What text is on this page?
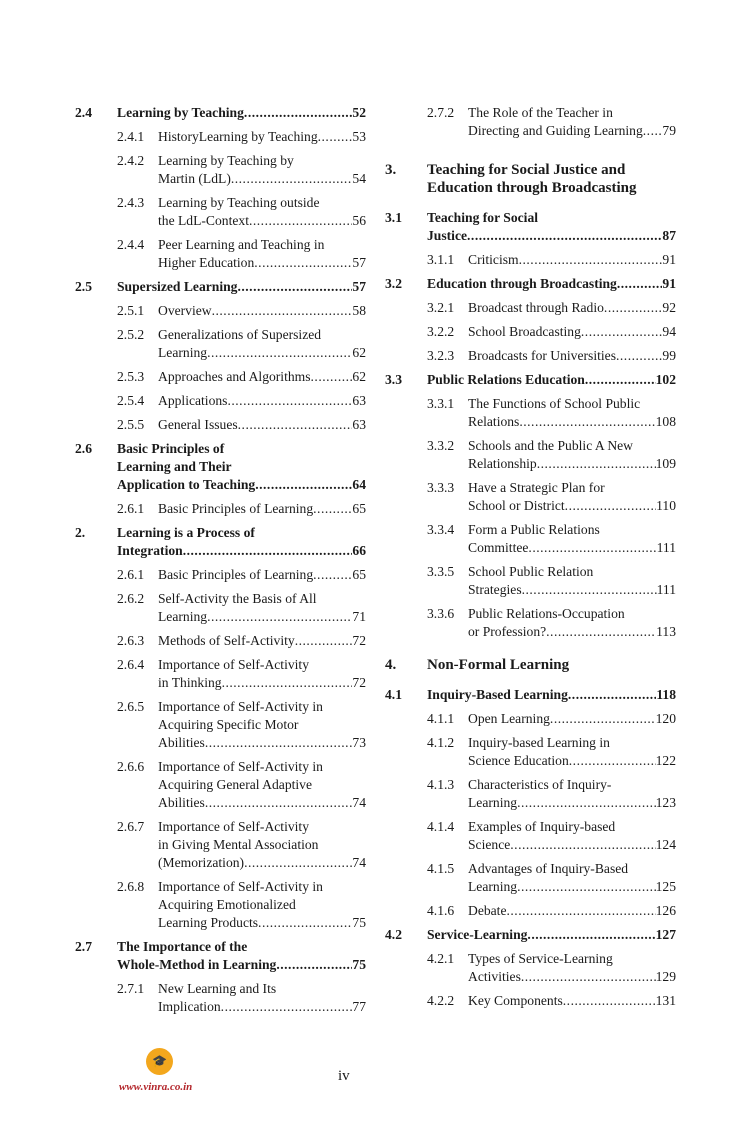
2.4	Learning by Teaching .....	52
2.4.1	HistoryLearning by Teaching .....	53
2.4.2	Learning by Teaching by
Martin (LdL) .....	54
2.4.3	Learning by Teaching outside
the LdL-Context .....	56
2.4.4	Peer Learning and Teaching in
Higher Education .....	57
2.5	Supersized Learning .....	57
2.5.1	Overview .....	58
2.5.2	Generalizations of Supersized
Learning .....	62
2.5.3	Approaches and Algorithms .....	62
2.5.4	Applications .....	63
2.5.5	General Issues .....	63
2.6	Basic Principles of
Learning and Their
Application to Teaching .....	64
2.6.1	Basic Principles of Learning .....	65
2.	Learning is a Process of
Integration .....	66
2.6.1	Basic Principles of Learning .....	65
2.6.2	Self-Activity the Basis of All
Learning .....	71
2.6.3	Methods of Self-Activity .....	72
2.6.4	Importance of Self-Activity
in Thinking .....	72
2.6.5	Importance of Self-Activity in
Acquiring Specific Motor
Abilities .....	73
2.6.6	Importance of Self-Activity in
Acquiring General Adaptive
Abilities .....	74
2.6.7	Importance of Self-Activity
in Giving Mental Association
(Memorization) .....	74
2.6.8	Importance of Self-Activity in
Acquiring Emotionalized
Learning Products .....	75
2.7	The Importance of the
Whole-Method in Learning .....	75
2.7.1	New Learning and Its
Implication .....	77
2.7.2	The Role of the Teacher in
Directing and Guiding Learning ..... 79
3.	Teaching for Social Justice and
Education through Broadcasting
3.1	Teaching for Social
Justice .....	87
3.1.1	Criticism .....	91
3.2	Education through Broadcasting .....	91
3.2.1	Broadcast through Radio .....	92
3.2.2	School Broadcasting .....	94
3.2.3	Broadcasts for Universities .....	99
3.3	Public Relations Education .....	102
3.3.1	The Functions of School Public
Relations .....	108
3.3.2	Schools and the Public A New
Relationship .....	109
3.3.3	Have a Strategic Plan for
School or District .....	110
3.3.4	Form a Public Relations
Committee .....	111
3.3.5	School Public Relation
Strategies .....	111
3.3.6	Public Relations-Occupation
or Profession? .....	113
4.	Non-Formal Learning
4.1	Inquiry-Based Learning .....	118
4.1.1	Open Learning .....	120
4.1.2	Inquiry-based Learning in
Science Education .....	122
4.1.3	Characteristics of Inquiry-
Learning .....	123
4.1.4	Examples of Inquiry-based
Science .....	124
4.1.5	Advantages of Inquiry-Based
Learning .....	125
4.1.6	Debate .....	126
4.2	Service-Learning .....	127
4.2.1	Types of Service-Learning
Activities .....	129
4.2.2	Key Components .....	131
🎓
www.vinra.co.in
iv
